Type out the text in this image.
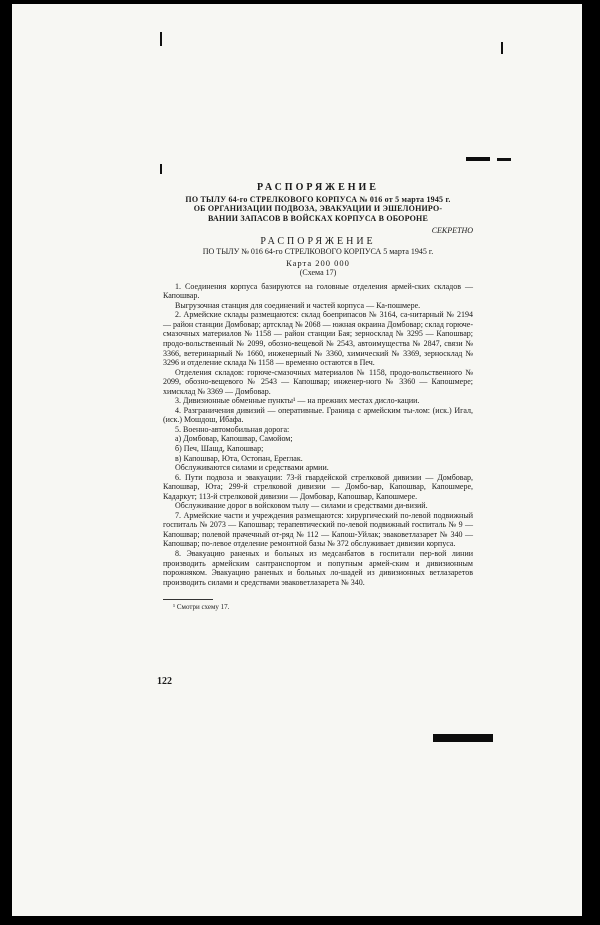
РАСПОРЯЖЕНИЕ
ПО ТЫЛУ 64-го СТРЕЛКОВОГО КОРПУСА № 016 от 5 марта 1945 г.
ОБ ОРГАНИЗАЦИИ ПОДВОЗА, ЭВАКУАЦИИ И ЭШЕЛОНИРО-
ВАНИИ ЗАПАСОВ В ВОЙСКАХ КОРПУСА В ОБОРОНЕ
СЕКРЕТНО
РАСПОРЯЖЕНИЕ
ПО ТЫЛУ № 016 64-го СТРЕЛКОВОГО КОРПУСА 5 марта 1945 г.
Карта 200 000
(Схема 17)

1. Соединения корпуса базируются на головные отделения армей-ских складов — Капошвар.

Выгрузочная станция для соединений и частей корпуса — Ка-пошмере.

2. Армейские склады размещаются: склад боеприпасов № 3164, са-нитарный № 2194 — район станции Домбовар; артсклад № 2068 — южная окраина Домбовар; склад горюче-смазочных материалов № 1158 — район станции Бая; зерносклад № 3295 — Капошвар; продо-вольственный № 2099, обозно-вещевой № 2543, автоимущества № 2847, связи № 3366, ветеринарный № 1660, инженерный № 3360, химический № 3369, зерносклад № 3296 и отделение склада № 1158 — временно остаются в Печ.

Отделения складов: горюче-смазочных материалов № 1158, продо-вольственного № 2099, обозно-вещевого № 2543 — Капошвар; инженер-ного № 3360 — Капошмере; химсклад № 3369 — Домбовар.

3. Дивизионные обменные пункты¹ — на прежних местах дисло-кации.

4. Разграничения дивизий — оперативные. Граница с армейским ты-лом: (иск.) Игал, (иск.) Мошдош, Ибафа.

5. Военно-автомобильная дорога:

а) Домбовар, Капошвар, Самойом;

б) Печ, Шашд, Капошвар;

в) Капошвар, Юта, Остопан, Ереглак.

Обслуживаются силами и средствами армии.

6. Пути подвоза и эвакуации: 73-й гвардейской стрелковой дивизии — Домбовар, Капошвар, Юта; 299-й стрелковой дивизии — Домбо-вар, Капошвар, Капошмере, Кадаркут; 113-й стрелковой дивизии — Домбовар, Капошвар, Капошмере.

Обслуживание дорог в войсковом тылу — силами и средствами ди-визий.

7. Армейские части и учреждения размещаются: хирургический по-левой подвижный госпиталь № 2073 — Капошвар; терапевтический по-левой подвижный госпиталь № 9 — Капошвар; полевой прачечный от-ряд № 112 — Капош-Уйлак; эваковетлазарет № 340 — Капошвар; по-левое отделение ремонтной базы № 372 обслуживает дивизии корпуса.

8. Эвакуацию раненых и больных из медсанбатов в госпитали пер-вой линии производить армейским сантранспортом и попутным армей-ским и дивизионным порожняком. Эвакуацию раненых и больных ло-шадей из дивизионных ветлазаретов производить силами и средствами эваковетлазарета № 340.

¹ Смотри схему 17.
122
